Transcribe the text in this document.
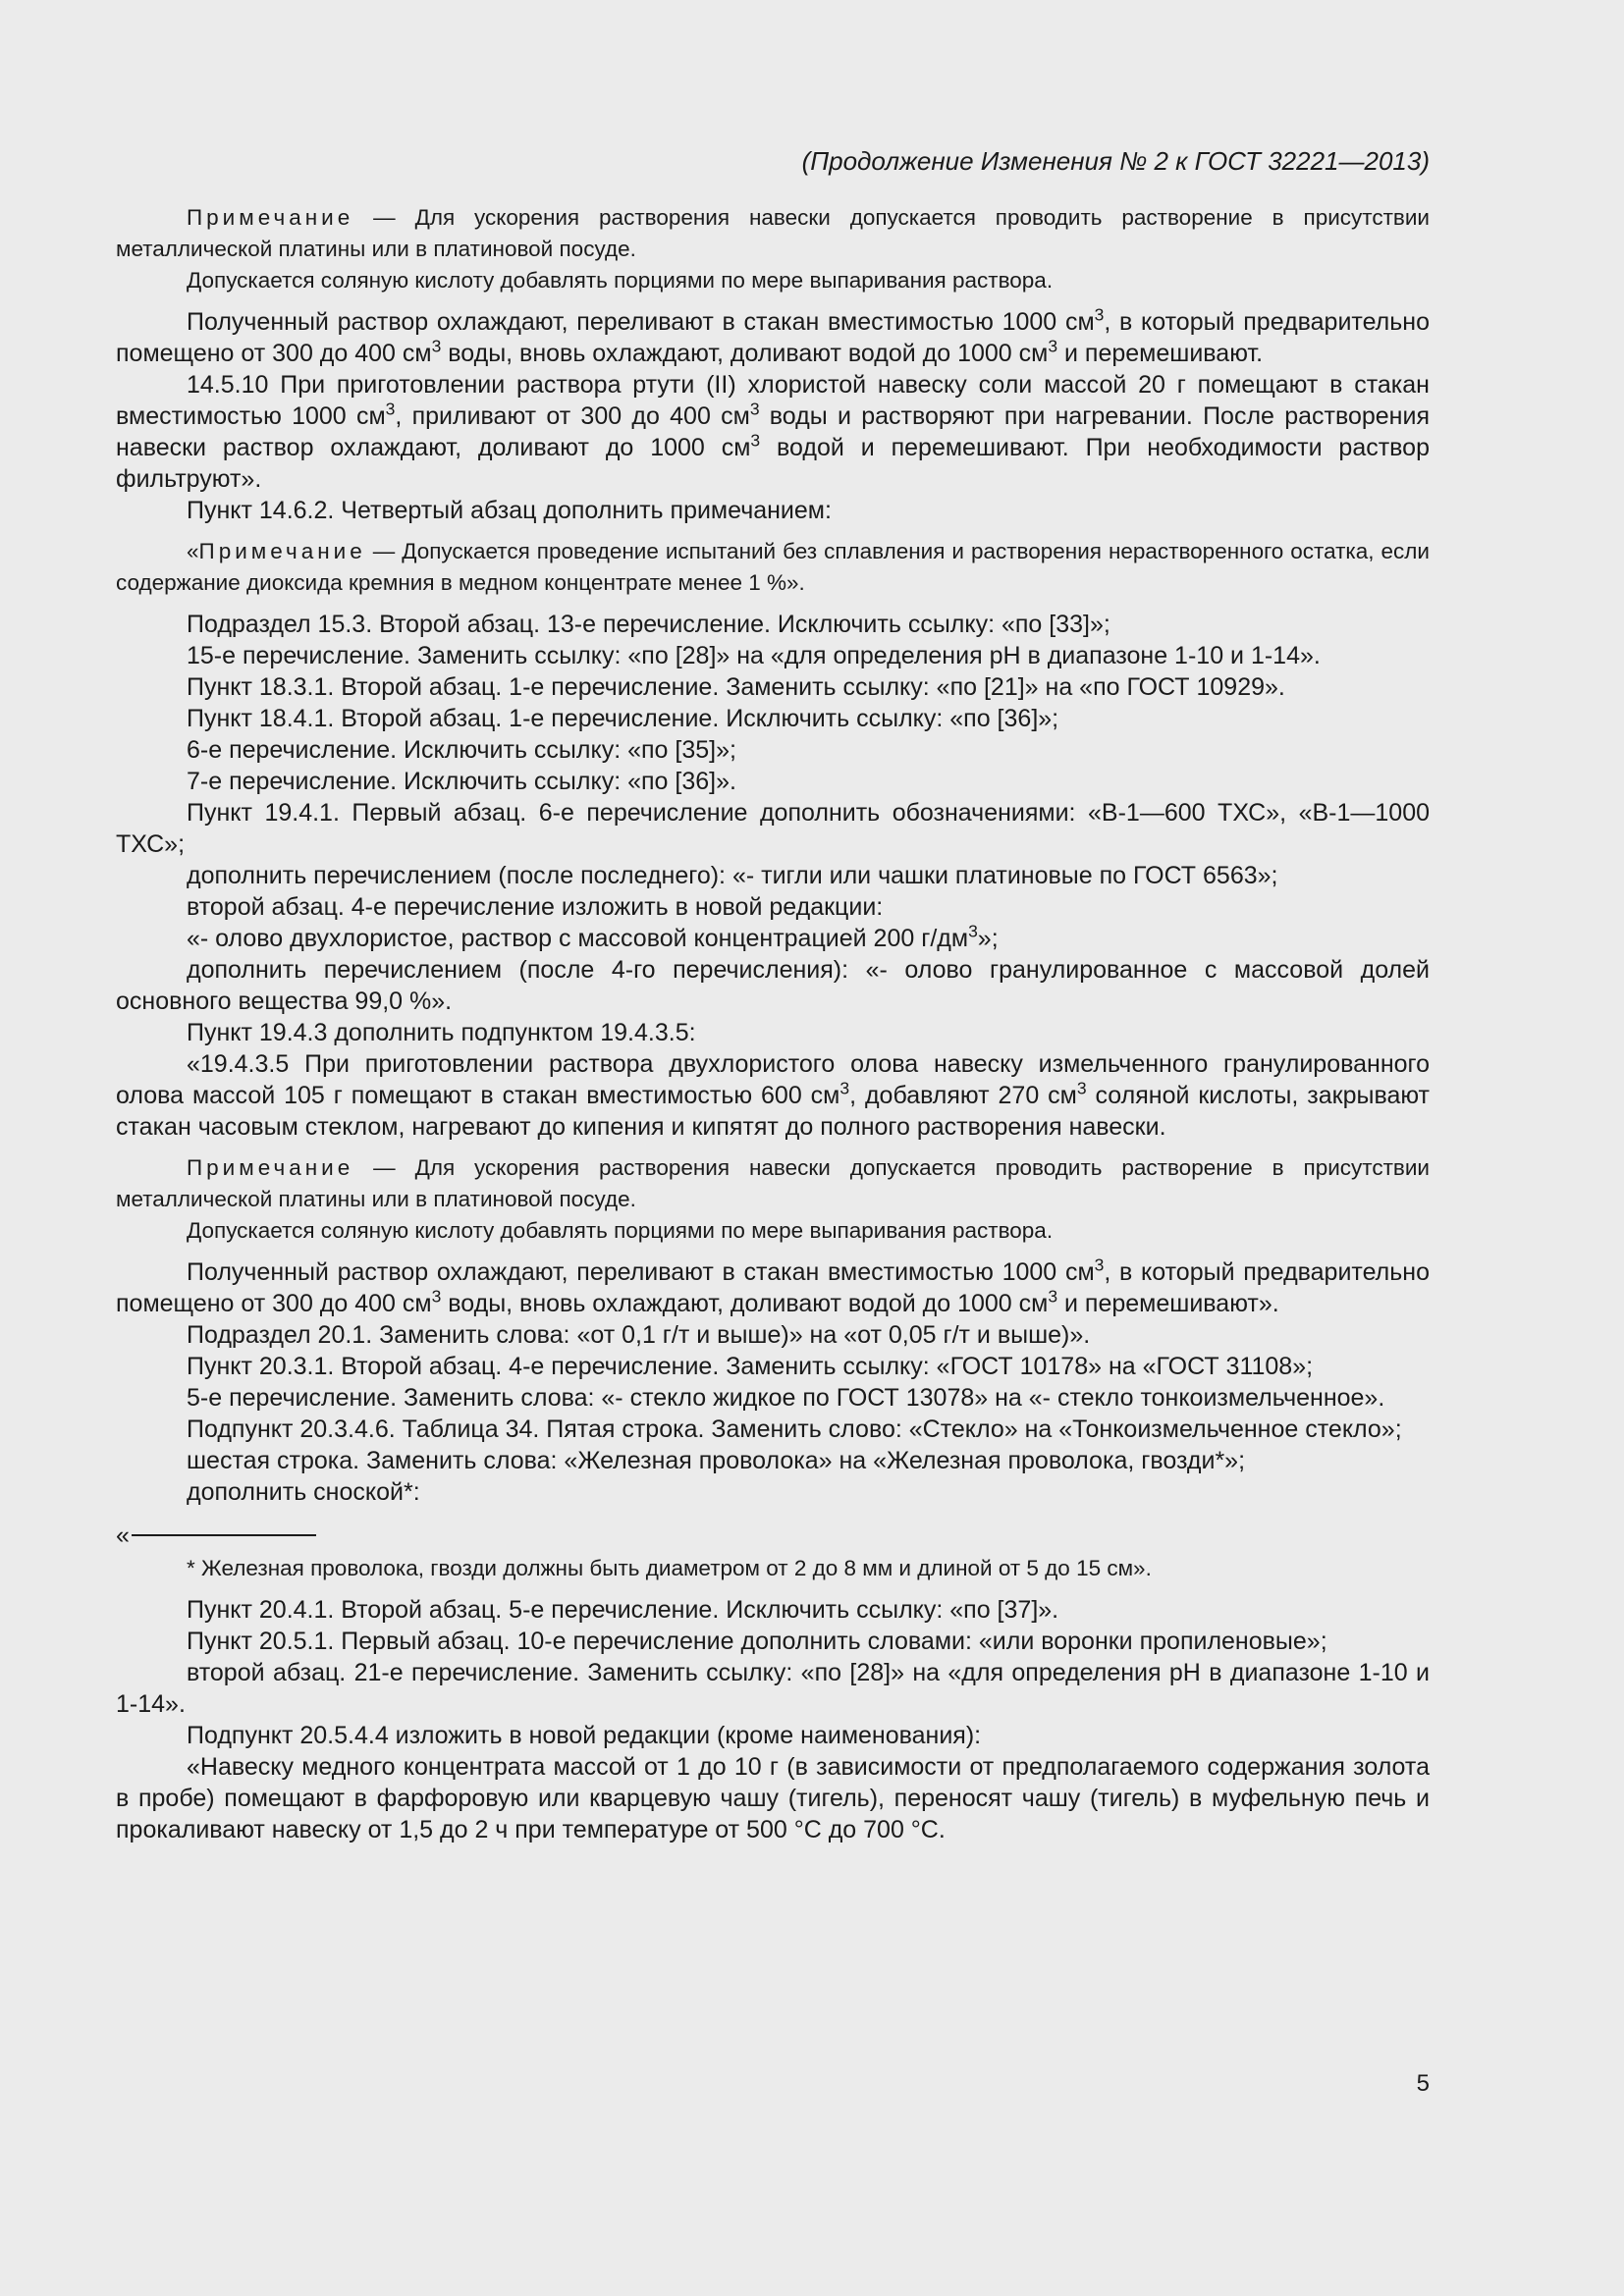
(Продолжение Изменения № 2 к ГОСТ 32221—2013)

Примечание — Для ускорения растворения навески допускается проводить растворение в присутствии металлической платины или в платиновой посуде.

Допускается соляную кислоту добавлять порциями по мере выпаривания раствора.

Полученный раствор охлаждают, переливают в стакан вместимостью 1000 $см^3$, в который предварительно помещено от 300 до 400 $см^3$ воды, вновь охлаждают, доливают водой до 1000 $см^3$ и перемешивают.

14.5.10 При приготовлении раствора ртути (II) хлористой навеску соли массой 20 г помещают в стакан вместимостью 1000 $см^3$, приливают от 300 до 400 $см^3$ воды и растворяют при нагревании. После растворения навески раствор охлаждают, доливают до 1000 $см^3$ водой и перемешивают. При необходимости раствор фильтруют».

Пункт 14.6.2. Четвертый абзац дополнить примечанием:

«Примечание — Допускается проведение испытаний без сплавления и растворения нерастворенного остатка, если содержание диоксида кремния в медном концентрате менее 1 %».

Подраздел 15.3. Второй абзац. 13-е перечисление. Исключить ссылку: «по [33]»;

15-е перечисление. Заменить ссылку: «по [28]» на «для определения pH в диапазоне 1-10 и 1-14».

Пункт 18.3.1. Второй абзац. 1-е перечисление. Заменить ссылку: «по [21]» на «по ГОСТ 10929».

Пункт 18.4.1. Второй абзац. 1-е перечисление. Исключить ссылку: «по [36]»;

6-е перечисление. Исключить ссылку: «по [35]»;

7-е перечисление. Исключить ссылку: «по [36]».

Пункт 19.4.1. Первый абзац. 6-е перечисление дополнить обозначениями: «В-1—600 ТХС», «В-1—1000 ТХС»;

дополнить перечислением (после последнего): «- тигли или чашки платиновые по ГОСТ 6563»;

второй абзац. 4-е перечисление изложить в новой редакции:

«- олово двухлористое, раствор с массовой концентрацией 200 $г/дм^3$»;

дополнить перечислением (после 4-го перечисления): «- олово гранулированное с массовой долей основного вещества 99,0 %».

Пункт 19.4.3 дополнить подпунктом 19.4.3.5:

«19.4.3.5 При приготовлении раствора двухлористого олова навеску измельченного гранулированного олова массой 105 г помещают в стакан вместимостью 600 $см^3$, добавляют 270 $см^3$ соляной кислоты, закрывают стакан часовым стеклом, нагревают до кипения и кипятят до полного растворения навески.

Примечание — Для ускорения растворения навески допускается проводить растворение в присутствии металлической платины или в платиновой посуде.

Допускается соляную кислоту добавлять порциями по мере выпаривания раствора.

Полученный раствор охлаждают, переливают в стакан вместимостью 1000 $см^3$, в который предварительно помещено от 300 до 400 $см^3$ воды, вновь охлаждают, доливают водой до 1000 $см^3$ и перемешивают».

Подраздел 20.1. Заменить слова: «от 0,1 г/т и выше)» на «от 0,05 г/т и выше)».

Пункт 20.3.1. Второй абзац. 4-е перечисление. Заменить ссылку: «ГОСТ 10178» на «ГОСТ 31108»;

5-е перечисление. Заменить слова: «- стекло жидкое по ГОСТ 13078» на «- стекло тонкоизмельченное».

Подпункт 20.3.4.6. Таблица 34. Пятая строка. Заменить слово: «Стекло» на «Тонкоизмельченное стекло»;

шестая строка. Заменить слова: «Железная проволока» на «Железная проволока, гвозди*»;

дополнить сноской*:

«

* Железная проволока, гвозди должны быть диаметром от 2 до 8 мм и длиной от 5 до 15 см».

Пункт 20.4.1. Второй абзац. 5-е перечисление. Исключить ссылку: «по [37]».

Пункт 20.5.1. Первый абзац. 10-е перечисление дополнить словами: «или воронки пропиленовые»;

второй абзац. 21-е перечисление. Заменить ссылку: «по [28]» на «для определения pH в диапазоне 1-10 и 1-14».

Подпункт 20.5.4.4 изложить в новой редакции (кроме наименования):

«Навеску медного концентрата массой от 1 до 10 г (в зависимости от предполагаемого содержания золота в пробе) помещают в фарфоровую или кварцевую чашу (тигель), переносят чашу (тигель) в муфельную печь и прокаливают навеску от 1,5 до 2 ч при температуре от 500 °С до 700 °С.

5
